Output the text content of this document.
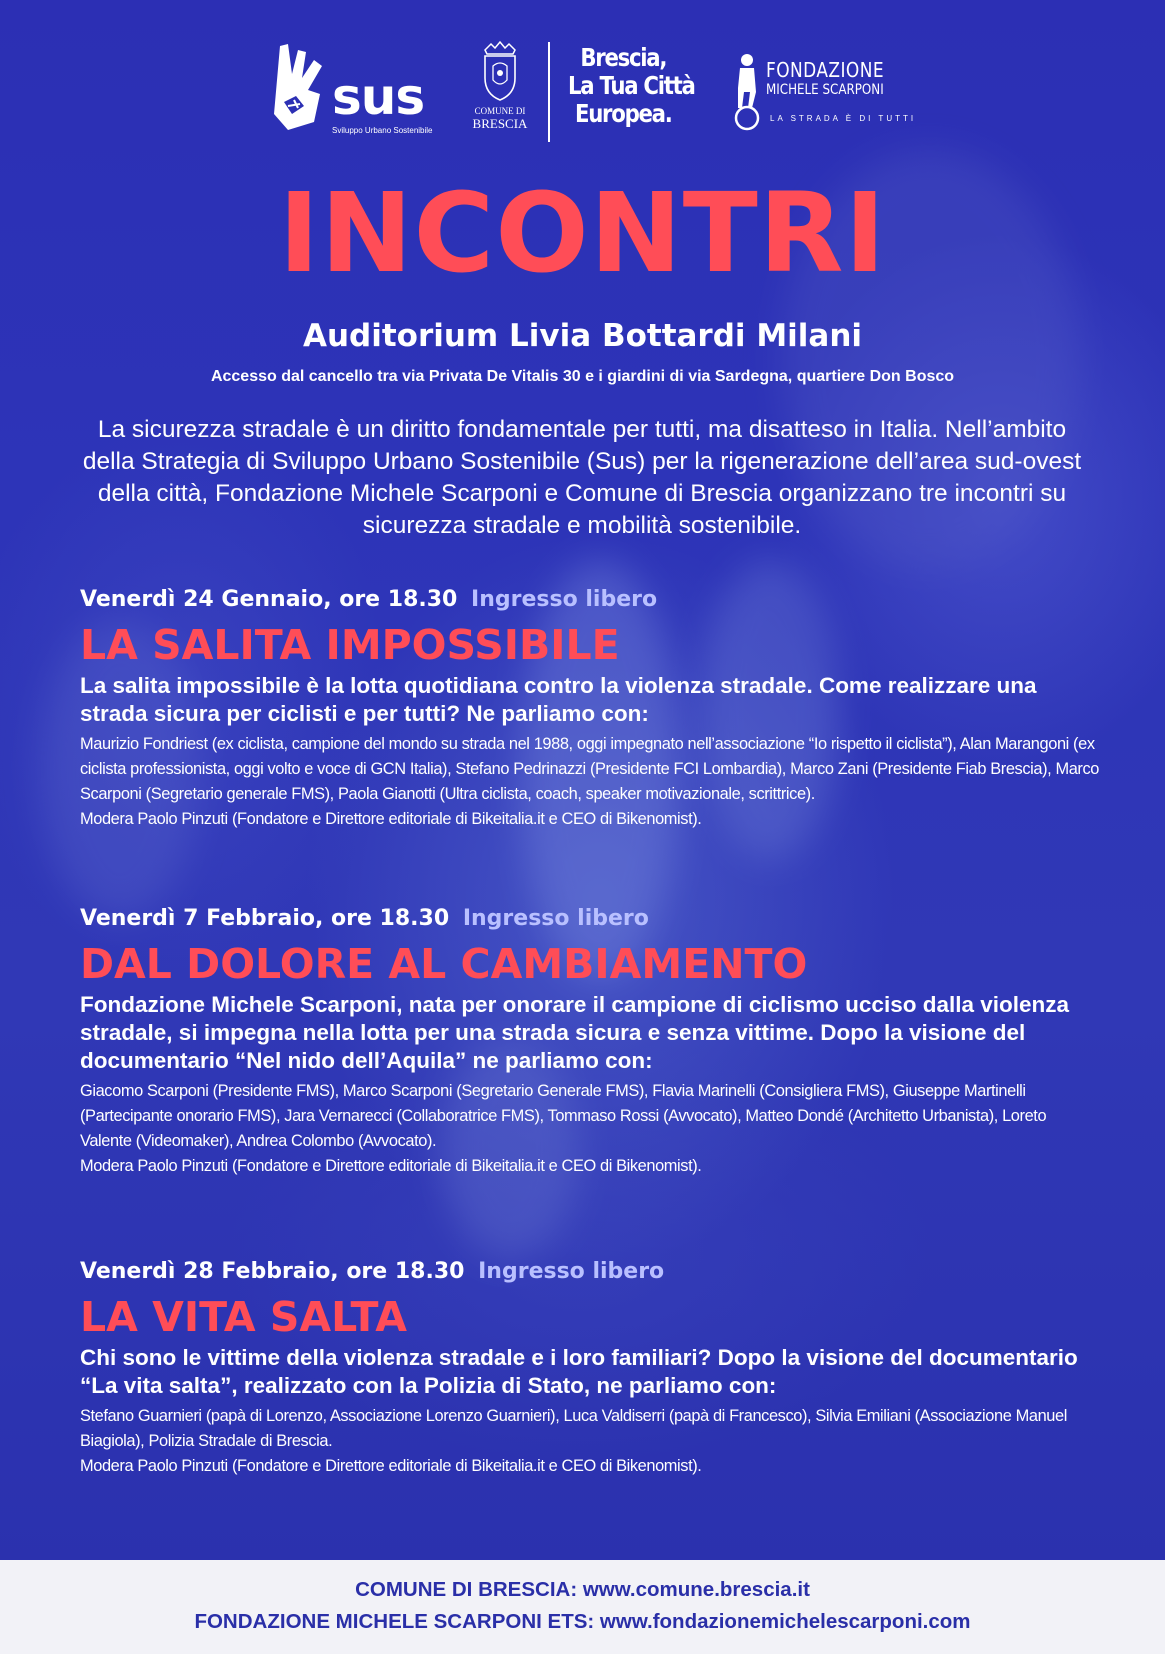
sus
Sviluppo Urbano Sostenibile
COMUNE DI
BRESCIA
Brescia,
La Tua Città
Europea.
FONDAZIONE
MICHELE SCARPONI
LA STRADA È DI TUTTI
INCONTRI
Auditorium Livia Bottardi Milani
Accesso dal cancello tra via Privata De Vitalis 30 e i giardini di via Sardegna, quartiere Don Bosco
La sicurezza stradale è un diritto fondamentale per tutti, ma disatteso in Italia. Nell’ambito della Strategia di Sviluppo Urbano Sostenibile (Sus) per la rigenerazione dell’area sud-ovest della città, Fondazione Michele Scarponi e Comune di Brescia organizzano tre incontri su sicurezza stradale e mobilità sostenibile.
Venerdì 24 Gennaio, ore 18.30 Ingresso libero
LA SALITA IMPOSSIBILE
La salita impossibile è la lotta quotidiana contro la violenza stradale. Come realizzare una strada sicura per ciclisti e per tutti? Ne parliamo con:
Maurizio Fondriest (ex ciclista, campione del mondo su strada nel 1988, oggi impegnato nell’associazione “Io rispetto il ciclista”), Alan Marangoni (ex ciclista professionista, oggi volto e voce di GCN Italia), Stefano Pedrinazzi (Presidente FCI Lombardia), Marco Zani (Presidente Fiab Brescia), Marco Scarponi (Segretario generale FMS), Paola Gianotti (Ultra ciclista, coach, speaker motivazionale, scrittrice).
Modera Paolo Pinzuti (Fondatore e Direttore editoriale di Bikeitalia.it e CEO di Bikenomist).
Venerdì 7 Febbraio, ore 18.30 Ingresso libero
DAL DOLORE AL CAMBIAMENTO
Fondazione Michele Scarponi, nata per onorare il campione di ciclismo ucciso dalla violenza stradale, si impegna nella lotta per una strada sicura e senza vittime. Dopo la visione del documentario “Nel nido dell’Aquila” ne parliamo con:
Giacomo Scarponi (Presidente FMS), Marco Scarponi (Segretario Generale FMS), Flavia Marinelli (Consigliera FMS), Giuseppe Martinelli (Partecipante onorario FMS), Jara Vernarecci (Collaboratrice FMS), Tommaso Rossi (Avvocato), Matteo Dondé (Architetto Urbanista), Loreto Valente (Videomaker), Andrea Colombo (Avvocato).
Modera Paolo Pinzuti (Fondatore e Direttore editoriale di Bikeitalia.it e CEO di Bikenomist).
Venerdì 28 Febbraio, ore 18.30 Ingresso libero
LA VITA SALTA
Chi sono le vittime della violenza stradale e i loro familiari? Dopo la visione del documentario “La vita salta”, realizzato con la Polizia di Stato, ne parliamo con:
Stefano Guarnieri (papà di Lorenzo, Associazione Lorenzo Guarnieri), Luca Valdiserri (papà di Francesco), Silvia Emiliani (Associazione Manuel Biagiola), Polizia Stradale di Brescia.
Modera Paolo Pinzuti (Fondatore e Direttore editoriale di Bikeitalia.it e CEO di Bikenomist).
COMUNE DI BRESCIA: www.comune.brescia.it
FONDAZIONE MICHELE SCARPONI ETS: www.fondazionemichelescarponi.com
